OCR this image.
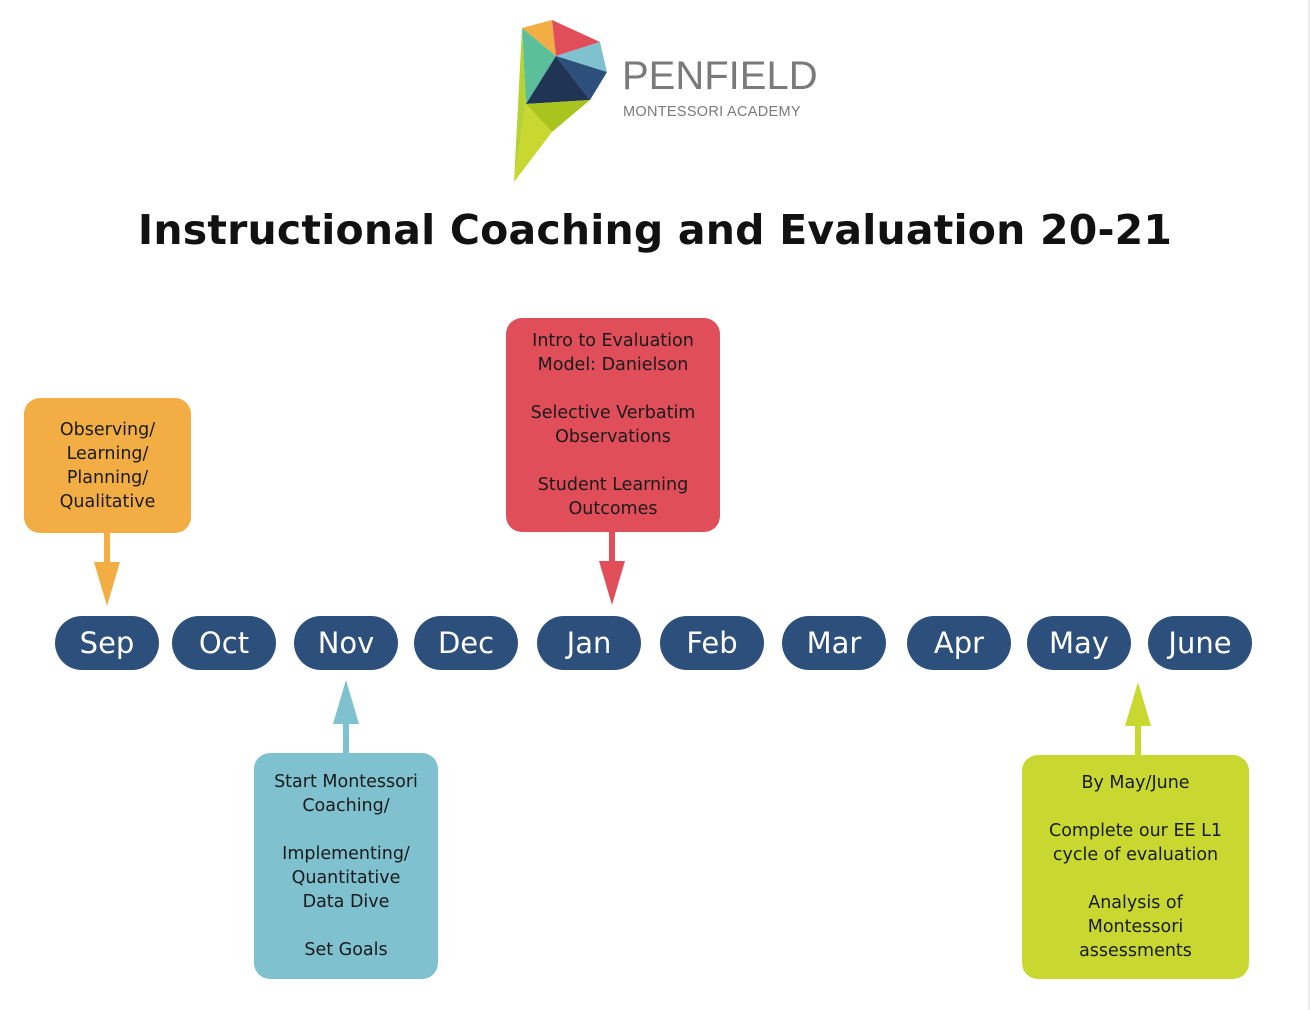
PENFIELD
MONTESSORI ACADEMY
Instructional Coaching and Evaluation 20-21

Observing/
Learning/
Planning/
Qualitative

Intro to Evaluation
Model: Danielson

Selective Verbatim
Observations

Student Learning
Outcomes

Start Montessori
Coaching/

Implementing/
Quantitative
Data Dive

Set Goals

By May/June

Complete our EE L1
cycle of evaluation

Analysis of
Montessori
assessments

Sep	Oct	Nov	Dec	Jan	Feb	Mar	Apr	May	June
